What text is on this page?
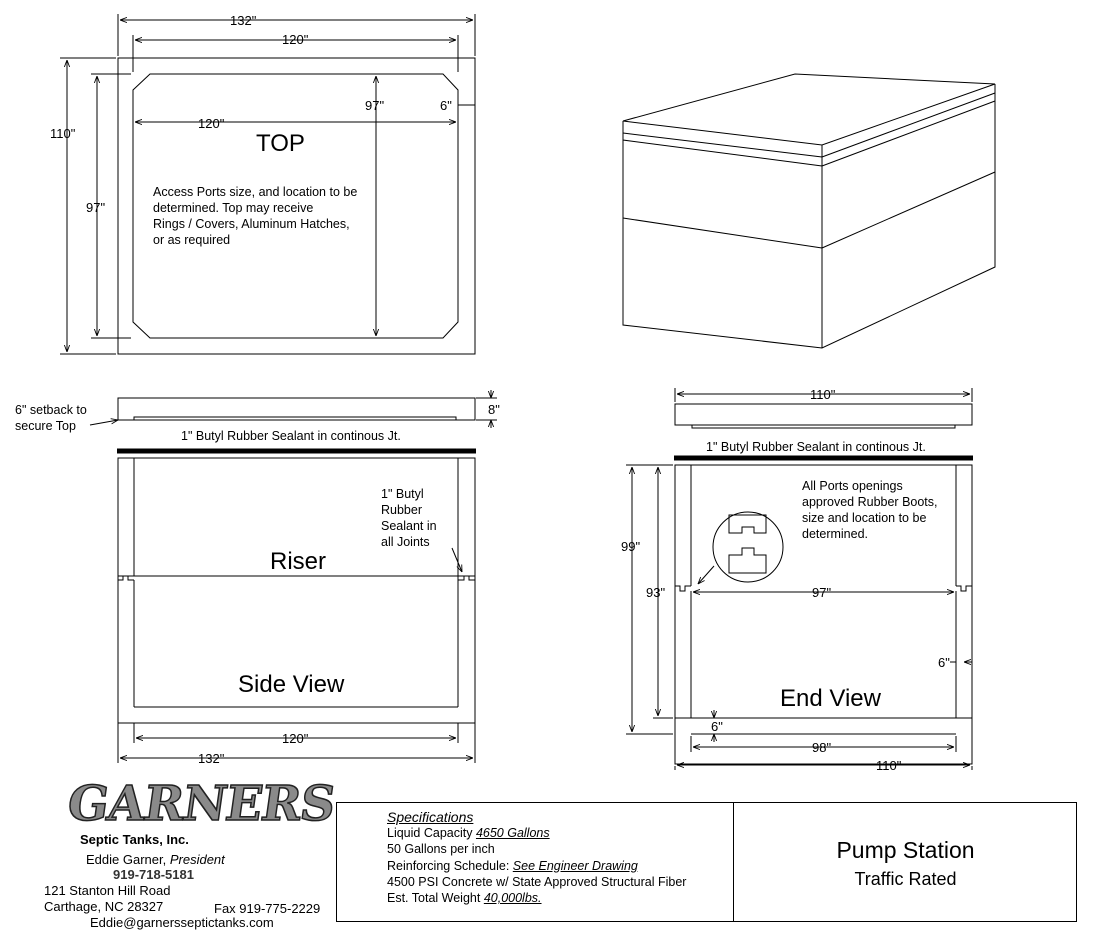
132"
120"
110"
97"
97"	6"
120"
TOP
Access Ports size, and location to be determined. Top may receive Rings / Covers, Aluminum Hatches, or as required
6" setback to secure Top
8"
1" Butyl Rubber Sealant in continous Jt.
1" Butyl Rubber Sealant in all Joints
Riser
Side View
120"
132"
110"
1" Butyl Rubber Sealant in continous Jt.
All Ports openings approved Rubber Boots, size and location to be determined.
99"
93"	97"
6"
End View
6"
98"
110"
GARNERS
Septic Tanks, Inc.
Eddie Garner, President
919-718-5181
121 Stanton Hill Road
Carthage, NC 28327	Fax 919-775-2229
Eddie@garnersseptictanks.com
Specifications
Liquid Capacity 4650 Gallons
50 Gallons per inch
Reinforcing Schedule: See Engineer Drawing
4500 PSI Concrete w/ State Approved Structural Fiber
Est. Total Weight 40,000lbs.
Pump Station
Traffic Rated
